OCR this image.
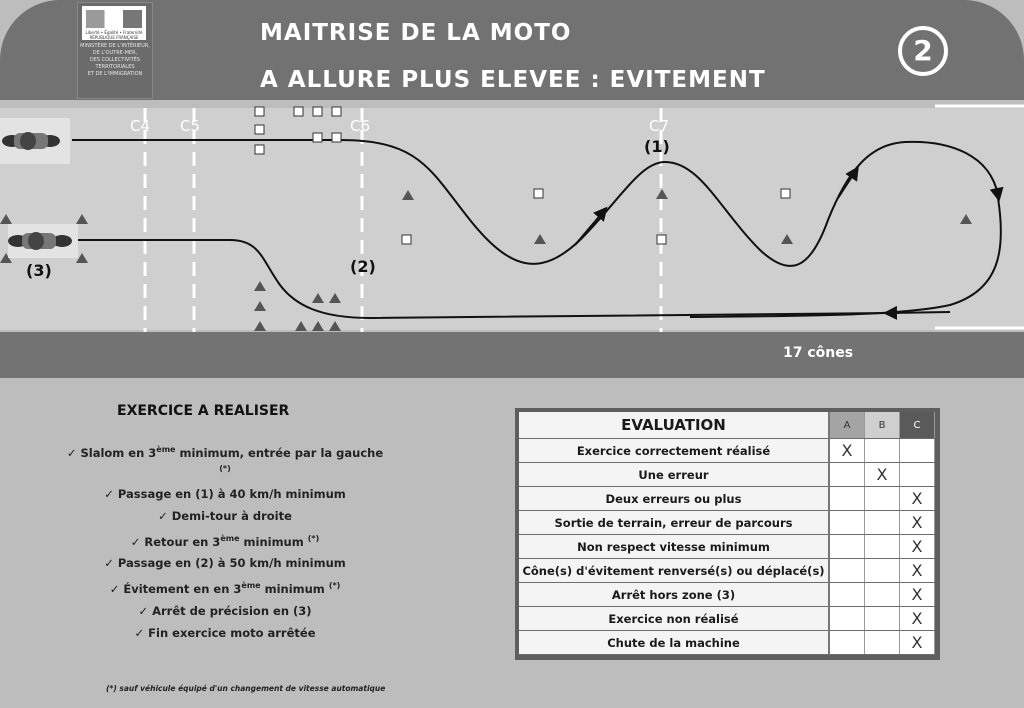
Liberté • Égalité • Fraternité
RÉPUBLIQUE FRANÇAISE
MINISTÈRE DE L'INTÉRIEUR,
DE L'OUTRE-MER,
DES COLLECTIVITÉS
TERRITORIALES
ET DE L'IMMIGRATION
MAITRISE DE LA MOTO
A ALLURE PLUS ELEVEE : EVITEMENT
2
C4 C5	C6	C7
(1)
(2)
(3)
17 cônes
EXERCICE A REALISER
✓ Slalom en 3ème minimum, entrée par la gauche (*)
✓ Passage en (1) à 40 km/h minimum
✓ Demi-tour à droite
✓ Retour en 3ème minimum (*)
✓ Passage en (2) à 50 km/h minimum
✓ Évitement en en 3ème minimum (*)
✓ Arrêt de précision en (3)
✓ Fin exercice moto arrêtée
(*) sauf véhicule équipé d'un changement de vitesse automatique
EVALUATION	A	B	C
Exercice correctement réalisé	X		
Une erreur		X	
Deux erreurs ou plus			X
Sortie de terrain, erreur de parcours			X
Non respect vitesse minimum			X
Cône(s) d'évitement renversé(s) ou déplacé(s)			X
Arrêt hors zone (3)			X
Exercice non réalisé			X
Chute de la machine			X
